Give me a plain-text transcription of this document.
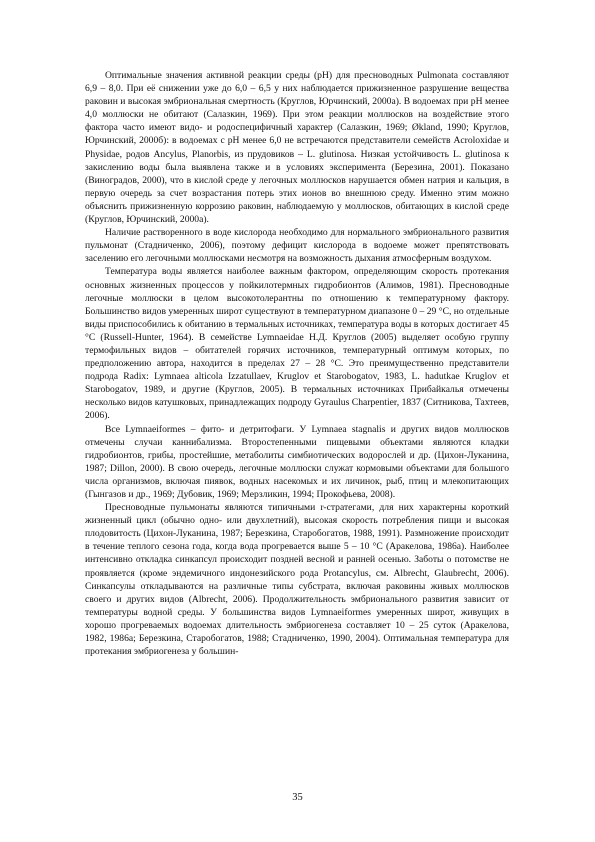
Оптимальные значения активной реакции среды (pH) для пресноводных Pulmonata составляют 6,9 – 8,0. При её снижении уже до 6,0 – 6,5 у них наблюдается прижизненное разрушение вещества раковин и высокая эмбриональная смертность (Круглов, Юрчинский, 2000а). В водоемах при pH менее 4,0 моллюски не обитают (Салазкин, 1969). При этом реакции моллюсков на воздействие этого фактора часто имеют видо- и родоспецифичный характер (Салазкин, 1969; Økland, 1990; Круглов, Юрчинский, 2000б): в водоемах с pH менее 6,0 не встречаются представители семейств Acroloxidae и Physidae, родов Ancylus, Planorbis, из прудовиков – L. glutinosa. Низкая устойчивость L. glutinosa к закислению воды была выявлена также и в условиях эксперимента (Березина, 2001). Показано (Виноградов, 2000), что в кислой среде у легочных моллюсков нарушается обмен натрия и кальция, в первую очередь за счет возрастания потерь этих ионов во внешнюю среду. Именно этим можно объяснить прижизненную коррозию раковин, наблюдаемую у моллюсков, обитающих в кислой среде (Круглов, Юрчинский, 2000а).

Наличие растворенного в воде кислорода необходимо для нормального эмбрионального развития пульмонат (Стадниченко, 2006), поэтому дефицит кислорода в водоеме может препятствовать заселению его легочными моллюсками несмотря на возможность дыхания атмосферным воздухом.

Температура воды является наиболее важным фактором, определяющим скорость протекания основных жизненных процессов у пойкилотермных гидробионтов (Алимов, 1981). Пресноводные легочные моллюски в целом высокотолерантны по отношению к температурному фактору. Большинство видов умеренных широт существуют в температурном диапазоне 0 – 29 °С, но отдельные виды приспособились к обитанию в термальных источниках, температура воды в которых достигает 45 °С (Russell-Hunter, 1964). В семействе Lymnaeidae Н.Д. Круглов (2005) выделяет особую группу термофильных видов – обитателей горячих источников, температурный оптимум которых, по предположению автора, находится в пределах 27 – 28 °С. Это преимущественно представители подрода Radix: Lymnaea alticola Izzatullaev, Kruglov et Starobogatov, 1983, L. hadutkae Kruglov et Starobogatov, 1989, и другие (Круглов, 2005). В термальных источниках Прибайкалья отмечены несколько видов катушковых, принадлежащих подроду Gyraulus Charpentier, 1837 (Ситникова, Тахтеев, 2006).

Все Lymnaeiformes – фито- и детритофаги. У Lymnaea stagnalis и других видов моллюсков отмечены случаи каннибализма. Второстепенными пищевыми объектами являются кладки гидробионтов, грибы, простейшие, метаболиты симбиотических водорослей и др. (Цихон-Луканина, 1987; Dillon, 2000). В свою очередь, легочные моллюски служат кормовыми объектами для большого числа организмов, включая пиявок, водных насекомых и их личинок, рыб, птиц и млекопитающих (Гынгазов и др., 1969; Дубовик, 1969; Мерзликин, 1994; Прокофьева, 2008).

Пресноводные пульмонаты являются типичными r-стратегами, для них характерны короткий жизненный цикл (обычно одно- или двухлетний), высокая скорость потребления пищи и высокая плодовитость (Цихон-Луканина, 1987; Березкина, Старобогатов, 1988, 1991). Размножение происходит в течение теплого сезона года, когда вода прогревается выше 5 – 10 °С (Аракелова, 1986а). Наиболее интенсивно откладка синкапсул происходит поздней весной и ранней осенью. Заботы о потомстве не проявляется (кроме эндемичного индонезийского рода Protancylus, см. Albrecht, Glaubrecht, 2006). Синкапсулы откладываются на различные типы субстрата, включая раковины живых моллюсков своего и других видов (Albrecht, 2006). Продолжительность эмбрионального развития зависит от температуры водной среды. У большинства видов Lymnaeiformes умеренных широт, живущих в хорошо прогреваемых водоемах длительность эмбриогенеза составляет 10 – 25 суток (Аракелова, 1982, 1986а; Березкина, Старобогатов, 1988; Стадниченко, 1990, 2004). Оптимальная температура для протекания эмбриогенеза у большин-

35
